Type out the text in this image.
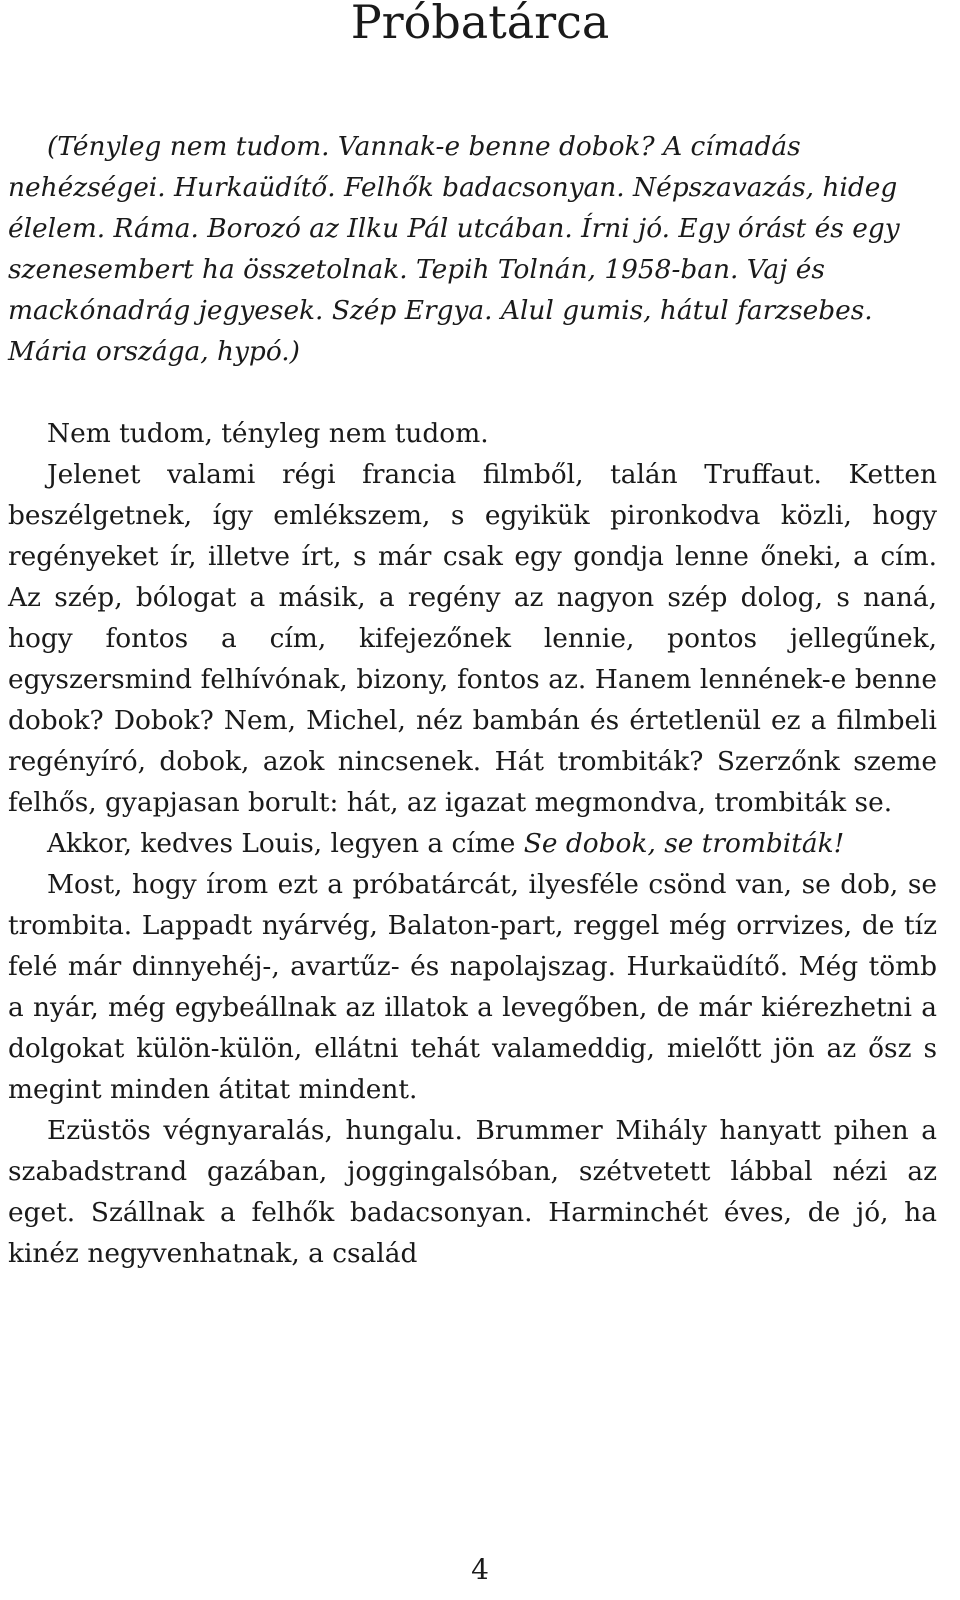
Próbatárca

(Tényleg nem tudom. Vannak-e benne dobok? A címadás nehézségei. Hurkaüdítő. Felhők badacsonyan. Népszavazás, hideg élelem. Ráma. Borozó az Ilku Pál utcában. Írni jó. Egy órást és egy szenesembert ha összetolnak. Tepih Tolnán, 1958-ban. Vaj és mackónadrág jegyesek. Szép Ergya. Alul gumis, hátul farzsebes. Mária országa, hypó.)

Nem tudom, tényleg nem tudom.

Jelenet valami régi francia filmből, talán Truffaut. Ketten beszélgetnek, így emlékszem, s egyikük pironkodva közli, hogy regényeket ír, illetve írt, s már csak egy gondja lenne őneki, a cím. Az szép, bólogat a másik, a regény az nagyon szép dolog, s naná, hogy fontos a cím, kifejezőnek lennie, pontos jellegűnek, egyszersmind felhívónak, bizony, fontos az. Hanem lennének-e benne dobok? Dobok? Nem, Michel, néz bambán és értetlenül ez a filmbeli regényíró, dobok, azok nincsenek. Hát trombiták? Szerzőnk szeme felhős, gyapjasan borult: hát, az igazat megmondva, trombiták se.

Akkor, kedves Louis, legyen a címe Se dobok, se trombiták!

Most, hogy írom ezt a próbatárcát, ilyesféle csönd van, se dob, se trombita. Lappadt nyárvég, Balaton-part, reggel még orrvizes, de tíz felé már dinnyehéj-, avartűz- és napolajszag. Hurkaüdítő. Még tömb a nyár, még egybeállnak az illatok a levegőben, de már kiérezhetni a dolgokat külön-külön, ellátni tehát valameddig, mielőtt jön az ősz s megint minden átitat mindent.

Ezüstös végnyaralás, hungalu. Brummer Mihály hanyatt pihen a szabadstrand gazában, joggingalsóban, szétvetett lábbal nézi az eget. Szállnak a felhők badacsonyan. Harminchét éves, de jó, ha kinéz negyvenhatnak, a család

4
